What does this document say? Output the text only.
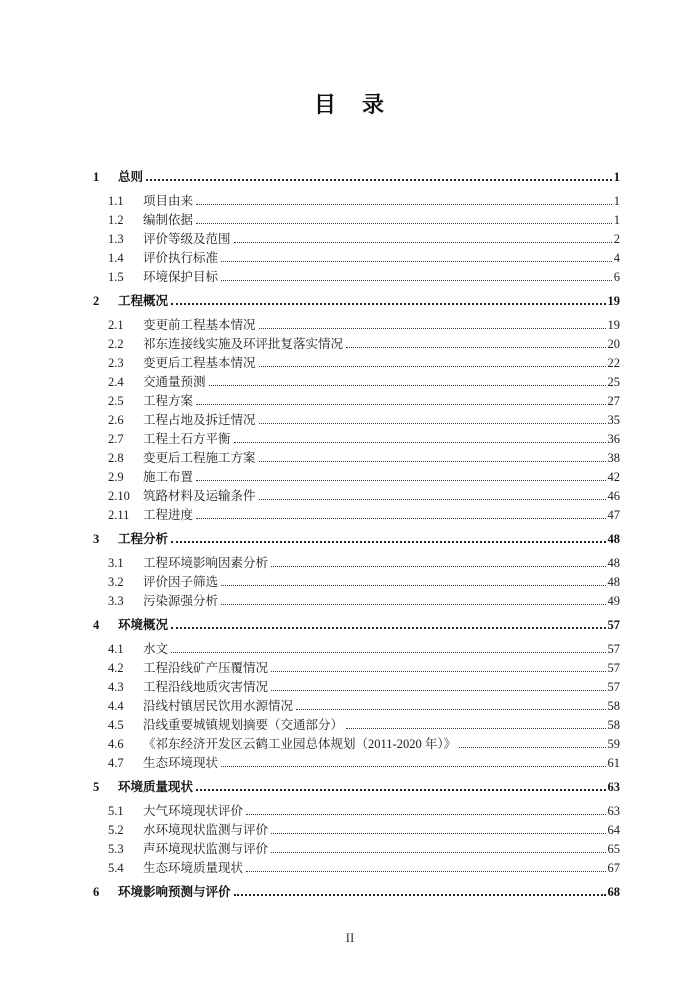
目　录
1	总则	1
1.1	项目由来	1
1.2	编制依据	1
1.3	评价等级及范围	2
1.4	评价执行标准	4
1.5	环境保护目标	6
2	工程概况	19
2.1	变更前工程基本情况	19
2.2	祁东连接线实施及环评批复落实情况	20
2.3	变更后工程基本情况	22
2.4	交通量预测	25
2.5	工程方案	27
2.6	工程占地及拆迁情况	35
2.7	工程土石方平衡	36
2.8	变更后工程施工方案	38
2.9	施工布置	42
2.10	筑路材料及运输条件	46
2.11	工程进度	47
3	工程分析	48
3.1	工程环境影响因素分析	48
3.2	评价因子筛选	48
3.3	污染源强分析	49
4	环境概况	57
4.1	水文	57
4.2	工程沿线矿产压覆情况	57
4.3	工程沿线地质灾害情况	57
4.4	沿线村镇居民饮用水源情况	58
4.5	沿线重要城镇规划摘要（交通部分）	58
4.6	《祁东经济开发区云鹤工业园总体规划（2011-2020 年）》	59
4.7	生态环境现状	61
5	环境质量现状	63
5.1	大气环境现状评价	63
5.2	水环境现状监测与评价	64
5.3	声环境现状监测与评价	65
5.4	生态环境质量现状	67
6	环境影响预测与评价	68
II
